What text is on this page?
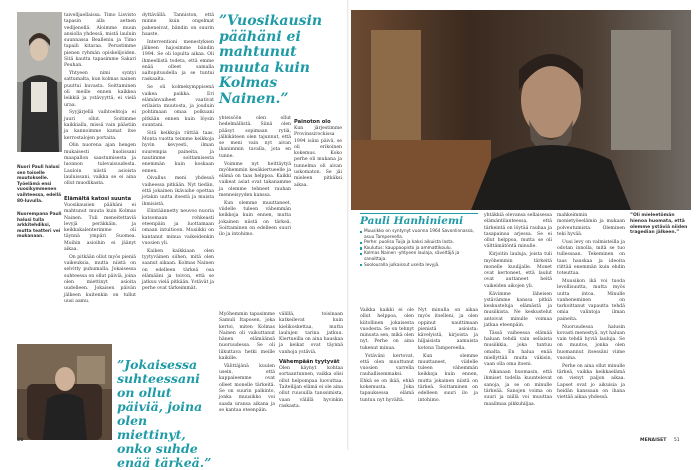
Nuori Pauli halusi sen toiselle muutokselle. Työelämä ensi vuosikymmenen vaihteessa, edellä 80-luvulla.
Nuorempana Pauli halusi tulla arkkitehdiksi, mutta teatteri vei mukanaan.

taivelljaellaissa. Timo Lisvisto tapasin alla aetnen vedljenellä. Aloimme muun ansiolla yhdessä, mistä lauluin suunnassa Bealleniu ja Timo tapaili kitaraa. Perustimme pienen ryhmän opiskelijoiden. Sitä kautta tapasimme Sakari Peuhan.

Yhtyeen nimi syntyi sattumalta, kun kolmas nainen puuttui kuvasta. Soittaminen oli meille ennen kaikkea leikkiä ja ystävyyttä, ei vielä uraa.

Syyjärjellä vaihtoehtoja ei juuri ollut. Soitimme kaikkialla, missä vain päästiin ja kannoimme kamat itse kerrostalojen portaita.

Olin nuorena ajan hengen mukaisesti huolissani maapallon saastumisesta ja luonnon tulevaisuudesta. Lauloin niistä asioista lauluissani, vaikka se ei aina ollut muodikasta.

Elämältä katosi suunta

Vuosikausien päähäni ei mahtunut muuta kuin Kolmas Nainen. Tuli meneitettaviä levyjä peräkkäin, ja keikkakalenterimme oli täynnä ympäri Suomea. Muihin asioihin ei jäänyt aikaa.

On pitkään ollut myös pieniä vaikeuksia, mutta niistä on selvitty puhumalla. Jokaisessa suhteessa on ollut päiviä, joina olen miettinyt asioita uudelleen. Jokaisen päivän jälkeen kuitenkin on tullut uusi aamu.

dyttävällä. Tanniston, että minne kuin ongelmat paheneivat, bändin on suurin haaste.

Interventioni menestyksen jälkeen hajosimme bändin 1994. Se oli lopulta aikaa. Oli ihmeellistä todeta, että emme enää olleet samalla aaltopituudella ja se tuntui raskaalta.

Se oli kolmekymppisenä vaikea paikka. Eri elämänvaiheet vaativat erilaista muutosta, ja jouduin pohtimaan omaa polkuani pitkään ennen kuin löysin suuntani.

Sitä keikkoja riittää taas. Monta vuotta teimme keikkoja hyvin kevyesti, ilman suurempia paineita, ja nautimme soittamisesta enemmän kuin koskaan ennen.

Oivallus meni yhdessä vaiheessa pitkään. Nyt tiedän, että jokainen ikävaihe opettaa jotakin uutta itsestä ja muista ihmisistä.

Elintäännetty neuvoo nuoria katsomaan rohkeasti eteenpäin ja luottamaan omaan intuitioon. Musiikki on kantanut minua vaikeidenkin vuosien yli.

Kaiken kaikkiaan olen tyytyväinen siihen, mitä olen saanut aikaan. Kolmas Nainen on edelleen tärkeä osa elämääni ja toivon, että se jatkuu vielä pitkään. Ystävät ja perhe ovat tärkeimmät.

”Vuosikausin päähäni ei mahtunut muuta kuin Kolmas Nainen.”

yhteisöön olen ollut hedelmällistä. Siinä olen pääsyt sopimaan rytiä, jälkikäteen olen tajunnut, että se meni vain nyt aivan ihanimmin tavalla, jota en tunne.

Voimme nyt heittäytyä myöhemmin kesäkiertueelle ja elämä on taas helppoa. Kaikki vaikeat asiat ovat takanamme ja olemme tehneet rauhan menneisyyden kanssa.

Kun olemme muuttaneet, viidelle tuleen vähemmän keikkoja kuin ennen, mutta jokainen niistä on tärkeä. Soittaminen on edelleen suuri ilo ja intohimo.

Painoton olo

Kun järjestimme Provinssirockissa 1994 isäni päivä, se oli erikoinen kokemus. Koko perhe oli mukana ja tunnelma oli aivan uskomaton. Se jäi mieleen pitkäksi aikaa.

Myöhemmin tapasimme Samuli Itaposen, joka kertoi, miten Kolmas Nainen oli vaikuttanut hänen elämäänsä nuoruudessa. Se oli liikuttava hetki meille kaikille.

Välittäjänä kuulen usein, että kappaleemme ovat olleet monelle tärkeitä. Se on suurin palkinto, jonka muusikko voi saada uransa aikana ja se kantaa eteenpäin.

välillä, toisinaan katkeilevat kuin kielikoskettaa, mutta laulujen tarina jatkuu. Kiertueilla on aina hauskaa ja keikat ovat täynnä vanhoja ystäviä.

Vähempään tyytyvät

Olen käynyt kohtaa sortaantunnen, vaikka olisi ollut helpompaa luovuttaa. Taiteilijan elämä ei ole aina ollut ruusuilla tanssimista, vaan välillä hyvinkin raskasta.

”Jokaisessa suhteessani on ollut päiviä, joina olen miettinyt, onko suhde enää tärkeä.”
50
Pauli Hanhiniemi
Muusikko on syntynyt vuonna 1964 Savonlinnassa, asuu Tampereella.
Perhe: puoliso Tuija ja kaksi aikuista lasta.
Koulutus: kauppaopisto ja ammattikoulu.
Kolmas Nainen -yhtyeen laulaja, säveltäjä ja sanoittaja.
Soolouralla julkaissut useita levyjä.

Vaikka kaikki ei ole ollut helppoa, olen kiitollinen jokaisesta vuodesta. Se on tehnyt minusta sen, mikä olen nyt. Perhe on aina tukenut minua.

Ystäväni kertovat, että olen muuttunut vuosien varrella rauhallisemmaksi. Ehkä se on ikää, ehkä kokemusta. Joka tapauksessa elämä tuntuu nyt hyvältä.

Nyt minulla on aikaa myös itselleni, ja olen oppinut nauttimaan pienistä asioista: kävelyistä, kirjoista ja hiljaisista aamuista kotona Tampereella.

Kun olemme muuttaneet, viidelle tuleen vähemmän keikkoja kuin ennen, mutta jokainen niistä on tärkeä. Soittaminen on edelleen suuri ilo ja intohimo.

yhtäkkiä olevansa sellaisessa elämäntilanteessa, että tärkeintä on löytää rauhaa ja tasapainoa arjessa. Se ei ollut helppoa, mutta se oli välttämätöntä minulle.

Kirjoitin lauluja, joista tuli myöhemmin tärkeitä monelle kuulijalle. Monet ovat kertoneet, että laulut ovat auttaneet heitä vaikeiden aikojen yli.

Kävimme läheisen ystävämme kanssa pitkiä keskusteluja elämästä ja musiikista. Ne keskustelut antoivat minulle voimaa jatkaa eteenpäin.

Tässä vaiheessa elämää haluan tehdä vain sellaista musiikkia, joka tuntuu omalta. En halua enää miellyttää muita väkisin, vaan olla oma itseni.

Aikanaan huomasin, että ihmiset todella kuuntelevat sanoja, ja se on minulle tärkeää. Sanojen voima on suuri ja niillä voi muuttaa maailmaa pikkuhiljaa.

mahkeimmin monietyöeelämin ja mukaan polveutumista. Oleminen teki hyvää.

Uusi levy on valmisteilla ja odotan innolla, mitä se tuo tullessaan. Tekeminen on taas hauskaa ja ideoita riittää enemmän kuin ehdin toteuttaa.

Muusikon ikä voi tuoda levollisuutta, mutta myös uutta intoa. Minulle vanheneminen on tarkoittanut vapautta tehdä omia valintoja ilman paineita.

Nuoruudessa halusin kovasti menestyä, nyt haluan vain tehdä hyviä lauluja. Se on muutos, jonka olen huomannut itsessäni viime vuosina.

Perhe on aina ollut minulle tärkeä, vaikka keikkaelämä on vienyt paljon aikaa. Lapset ovat jo aikuisia ja heidän kanssaan on ihana viettää aikaa yhdessä.

”Oli mieleetömän hienoa huomata, että olemme ystäviä niiden tragedian jälkeen.”
MENAISET 51
